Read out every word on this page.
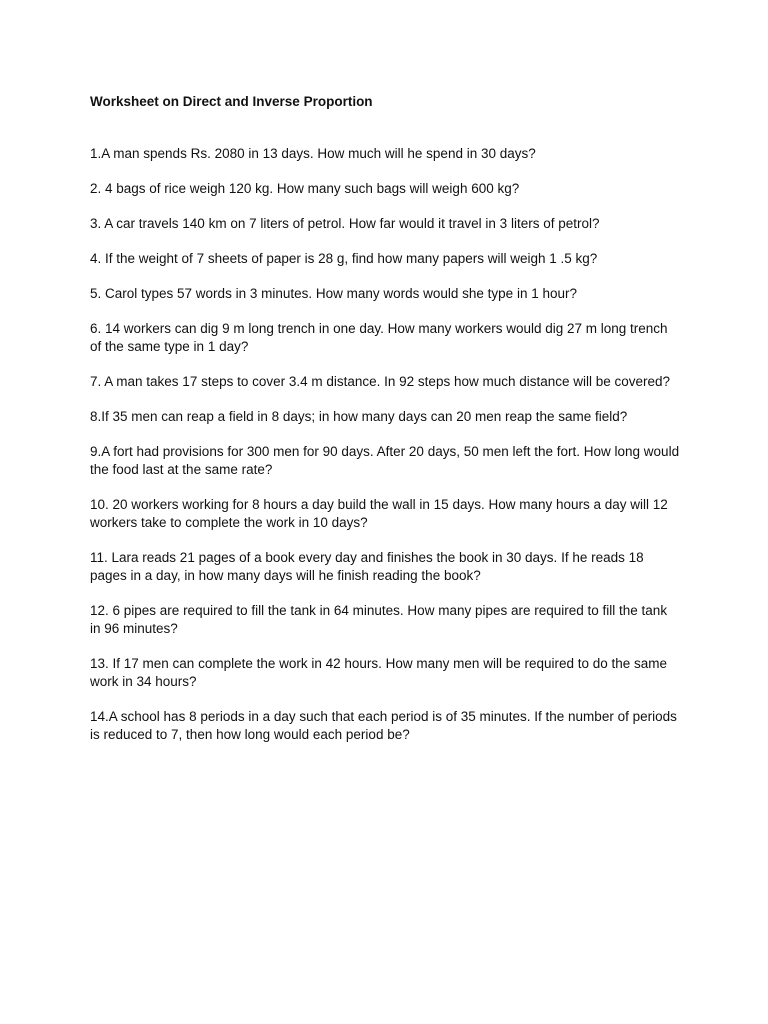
Worksheet on Direct and Inverse Proportion

1.A man spends Rs. 2080 in 13 days. How much will he spend in 30 days?

2. 4 bags of rice weigh 120 kg. How many such bags will weigh 600 kg?

3. A car travels 140 km on 7 liters of petrol. How far would it travel in 3 liters of petrol?

4. If the weight of 7 sheets of paper is 28 g, find how many papers will weigh 1 .5 kg?

5. Carol types 57 words in 3 minutes. How many words would she type in 1 hour?

6. 14 workers can dig 9 m long trench in one day. How many workers would dig 27 m long trench of the same type in 1 day?

7. A man takes 17 steps to cover 3.4 m distance. In 92 steps how much distance will be covered?

8.If 35 men can reap a field in 8 days; in how many days can 20 men reap the same field?

9.A fort had provisions for 300 men for 90 days. After 20 days, 50 men left the fort. How long would the food last at the same rate?

10. 20 workers working for 8 hours a day build the wall in 15 days. How many hours a day will 12 workers take to complete the work in 10 days?

11. Lara reads 21 pages of a book every day and finishes the book in 30 days. If he reads 18 pages in a day, in how many days will he finish reading the book?

12. 6 pipes are required to fill the tank in 64 minutes. How many pipes are required to fill the tank in 96 minutes?

13. If 17 men can complete the work in 42 hours. How many men will be required to do the same work in 34 hours?

14.A school has 8 periods in a day such that each period is of 35 minutes. If the number of periods is reduced to 7, then how long would each period be?
